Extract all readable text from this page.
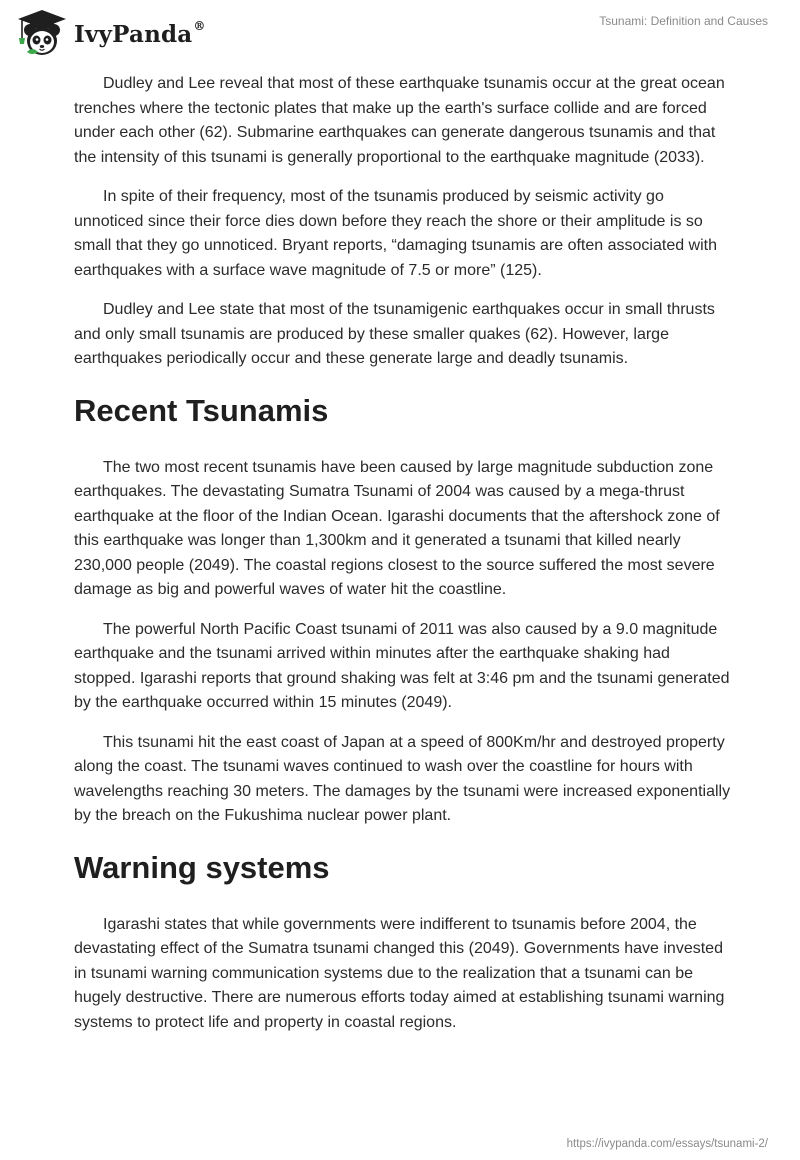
IvyPanda®	Tsunami: Definition and Causes

Dudley and Lee reveal that most of these earthquake tsunamis occur at the great ocean trenches where the tectonic plates that make up the earth's surface collide and are forced under each other (62). Submarine earthquakes can generate dangerous tsunamis and that the intensity of this tsunami is generally proportional to the earthquake magnitude (2033).

In spite of their frequency, most of the tsunamis produced by seismic activity go unnoticed since their force dies down before they reach the shore or their amplitude is so small that they go unnoticed. Bryant reports, “damaging tsunamis are often associated with earthquakes with a surface wave magnitude of 7.5 or more” (125).

Dudley and Lee state that most of the tsunamigenic earthquakes occur in small thrusts and only small tsunamis are produced by these smaller quakes (62). However, large earthquakes periodically occur and these generate large and deadly tsunamis.

Recent Tsunamis

The two most recent tsunamis have been caused by large magnitude subduction zone earthquakes. The devastating Sumatra Tsunami of 2004 was caused by a mega-thrust earthquake at the floor of the Indian Ocean. Igarashi documents that the aftershock zone of this earthquake was longer than 1,300km and it generated a tsunami that killed nearly 230,000 people (2049). The coastal regions closest to the source suffered the most severe damage as big and powerful waves of water hit the coastline.

The powerful North Pacific Coast tsunami of 2011 was also caused by a 9.0 magnitude earthquake and the tsunami arrived within minutes after the earthquake shaking had stopped. Igarashi reports that ground shaking was felt at 3:46 pm and the tsunami generated by the earthquake occurred within 15 minutes (2049).

This tsunami hit the east coast of Japan at a speed of 800Km/hr and destroyed property along the coast. The tsunami waves continued to wash over the coastline for hours with wavelengths reaching 30 meters. The damages by the tsunami were increased exponentially by the breach on the Fukushima nuclear power plant.

Warning systems

Igarashi states that while governments were indifferent to tsunamis before 2004, the devastating effect of the Sumatra tsunami changed this (2049). Governments have invested in tsunami warning communication systems due to the realization that a tsunami can be hugely destructive. There are numerous efforts today aimed at establishing tsunami warning systems to protect life and property in coastal regions.

https://ivypanda.com/essays/tsunami-2/
